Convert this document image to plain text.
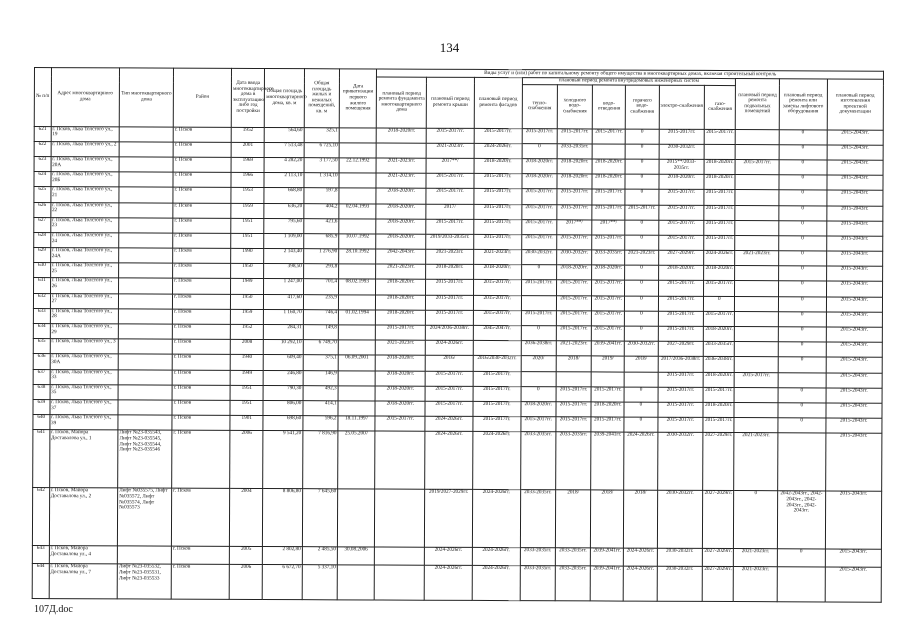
134
№ п/п	Адрес многоквартирного дома	Тип многоквартирного дома	Район	Дата ввода многоквартирного дома в эксплуатацию либо год постройки	Общая площадь многоквартирного дома, кв. м	Общая площадь жилых и нежилых помещений, кв. м	Дата приватизации первого жилого помещения	Виды услуг и (или) работ по капитальному ремонту общего имущества в многоквартирных домах, включая строительный контроль											
								плановый период ремонта фундамента многоквартирного дома	плановый период ремонта крыши	плановый период ремонта фасадов	плановый период ремонта внутридомовых инженерных систем						плановый период ремонта подвальных помещений	плановый период ремонта или замены лифтового оборудования	плановый период изготовления проектной документации
											тепло-снабжения	холодного водо-снабжения	водо-отведения	горячего водо-снабжения	электро-снабжения	газо-снабжения			
621	г. Псков, Льва Толстого ул., 19		г. Псков	1952	564,60	325,1		2018-2020гг.	2015-2017гг.	2015-2017гг.	2015-2017гг.	2015-2017гг.	2015-2017гг.	0	2015-2017гг.	2015-2017гг.		0	2015-2043гг.
622	г. Псков, Льва Толстого ул., 2		г. Псков	2001	7 513,48	6 725,10			2021-2023гг.	2024-2026гг.	0	2033-2035гг.		0	2030-2032гг.			0	2015-2043гг.
623	г. Псков, Льва Толстого ул., 20А		г. Псков	1969	4 282,20	3 177,50	22.12.1992	2021-2023гг.	2017**/	2018-2020гг.	2018-2020гг.	2018-2020гг.	2018-2020гг.	0	2015**/2033-2035гг.	2018-2020гг.	2015-2017гг.	0	2015-2043гг.
624	г. Псков, Льва Толстого ул., 20Б		г. Псков	1966	2 113,10	1 314,10		2021-2023гг.	2015-2017гг.	2015-2017гг.	2018-2020гг.	2018-2020гг.	2018-2020гг.	0	2018-2020гг.	2018-2020гг.		0	2015-2043гг.
625	г. Псков, Льва Толстого ул., 21		г. Псков	1953	668,80	597,8		2018-2020гг.	2015-2017гг.	2015-2017гг.	2015-2017гг.	2015-2017гг.	2015-2017гг.	0	2015-2017гг.	2015-2017гг.		0	2015-2043гг.
626	г. Псков, Льва Толстого ул., 22		г. Псков	1959	636,20	404,2	02.04.1993	2018-2020гг.	2017/	2015-2017гг.	2015-2017гг.	2015-2017гг.	2015-2017гг.	2015-2017гг.	2015-2017гг.	2015-2017гг.		0	2015-2043гг.
627	г. Псков, Льва Толстого ул., 23		г. Псков	1951	795,60	421,6		2018-2020гг.	2015-2017гг.	2015-2017гг.	2015-2017гг.	2017**/	2017**/	0	2015-2017гг.	2015-2017гг.		0	2015-2043гг.
628	г. Псков, Льва Толстого ул., 24		г. Псков	1951	1 109,00	685,9	10.07.1992	2018-2020гг.	2019/2033-2035гг.	2015-2017гг.	2015-2017гг.	2015-2017гг.	2015-2017гг.	0	2015-2017гг.	2015-2017гг.		0	2015-2043гг.
629	г. Псков, Льва Толстого ул., 24А		г. Псков	1990	2 143,40	1 276,90	28.10.1992	2042-2043гг.	2021-2023гг.	2021-2023гг.	2030-2032гг.	2030-2032гг.	2033-2035гг.	2021-2023гг.	2027-2029гг.	2024-2026гг.	2021-2023гг.	0	2015-2043гг.
630	г. Псков, Льва Толстого ул., 25		г. Псков	1950	398,50	293,8		2021-2023гг.	2018-2020гг.	2018-2020гг.	0	2018-2020гг.	2018-2020гг.	0	2018-2020гг.	2018-2020гг.		0	2015-2043гг.
631	г. Псков, Льва Толстого ул., 26		г. Псков	1949	1 247,00	701,4	08.02.1993	2018-2020гг.	2015-2017гг.	2015-2017гг.	2015-2017гг.	2015-2017гг.	2015-2017гг.	0	2015-2017гг.	2015-2017гг.		0	2015-2043гг.
632	г. Псков, Льва Толстого ул., 27		г. Псков	1950	417,60	235,9		2018-2020гг.	2015-2017гг.	2015-2017гг.		2015-2017гг.	2015-2017гг.	0	2015-2017гг.	0		0	2015-2043гг.
633	г. Псков, Льва Толстого ул., 28		г. Псков	1959	1 160,70	746,4	01.02.1994	2018-2020гг.	2015-2017гг.	2015-2017гг.	2015-2017гг.	2015-2017гг.	2015-2017гг.	0	2015-2017гг.	2015-2017гг.		0	2015-2043гг.
634	г. Псков, Льва Толстого ул., 29		г. Псков	1952	284,31	149,8		2015-2017гг.	2024/2036-2038гг.	2045-2047гг.	0	2015-2017гг.	2015-2017гг.	0	2015-2017гг.	2018-2020гг.		0	2015-2043гг.
635	г. Псков, Льва Толстого ул., 3		г. Псков	2008	10 292,10	6 749,70		2021-2023гг.	2024-2026гг.		2036-2038гг.	2021-2023гг.	2039-2041гг.	2030-2032гг.	2027-2029гг.	2033-2035гг.		0	2015-2043гг.
636	г. Псков, Льва Толстого ул., 30А		г. Псков	1940	609,40	375,1	06.09.2001	2018-2020гг.	2016/	2016/2030-2032гг.	2020/	2018/	2019/	2018/	2017/2036-2038гг.	2036-2038гг.		0	2015-2043гг.
637	г. Псков, Льва Толстого ул., 33		г. Псков	1949	246,80	146,9		2018-2020гг.	2015-2017гг.	2015-2017гг.					2015-2017гг.	2018-2020гг.	2015-2017гг.		2015-2043гг.
638	г. Псков, Льва Толстого ул., 35		г. Псков	1951	790,30	492,3		2018-2020гг.	2015-2017гг.	2015-2017гг.	0	2015-2017гг.	2015-2017гг.	0	2015-2017гг.	2015-2017гг.		0	2015-2043гг.
639	г. Псков, Льва Толстого ул., 37		г. Псков	1951	806,00	414,1		2018-2020гг.	2015-2017гг.	2015-2017гг.	2018-2020гг.	2015-2017гг.	2018-2020гг.	0	2015-2017гг.	2018-2020гг.		0	2015-2043гг.
640	г. Псков, Льва Толстого ул., 39		г. Псков	1901	698,60	596,2	18.11.1997	2015-2017гг.	2024-2026гг.	2015-2017гг.	2015-2017гг.	2015-2017гг.	2015-2017гг.	0	2015-2017гг.	2015-2017гг.		0	2015-2043гг.
641	г. Псков, Майора Доставалова ул., 1	Лифт №23-035543, Лифт №23-035545, Лифт №23-035544, Лифт №23-035546	г. Псков	2006	9 541,20	7 816,90	25.05.2007		2024-2026гг.	2024-2026гг.	2033-2035гг.	2033-2035гг.	2039-2041гг.	2024-2026гг.	2030-2032гг.	2027-2029гг.	2021-2023гг.		2015-2043гг.
642	г. Псков, Майора Доставалова ул., 2	Лифт №035575, Лифт №035572, Лифт №035574, Лифт №035573	г. Псков	2004	8 806,80	7 645,60			2019/2027-2029гг.	2024-2026гг.	2033-2035гг.	2018/	2018/	2018/	2030-2032гг.	2027-2029гг.	0	2042-2043гг., 2042-2043гг., 2042-2043гг., 2042-2043гг.	2015-2043гг.
643	г. Псков, Майора Доставалова ул., 4		г. Псков	2005	2 802,80	2 485,50	30.08.2006		2024-2026гг.	2024-2026гг.	2033-2035гг.	2033-2035гг.	2039-2041гг.	2024-2026гг.	2030-2032гг.	2027-2029гг.	2021-2023гг.	0	2015-2043гг.
644	г. Псков, Майора Доставалова ул., 7	Лифт №23-035532, Лифт №23-035531, Лифт №23-035533	г. Псков	2006	6 672,70	5 337,10			2024-2026гг.	2024-2026гг.	2033-2035гг.	2033-2035гг.	2039-2041гг.	2024-2026гг.	2030-2032гг.	2027-2029гг.	2021-2023гг.		2015-2043гг.
107Д.doc
